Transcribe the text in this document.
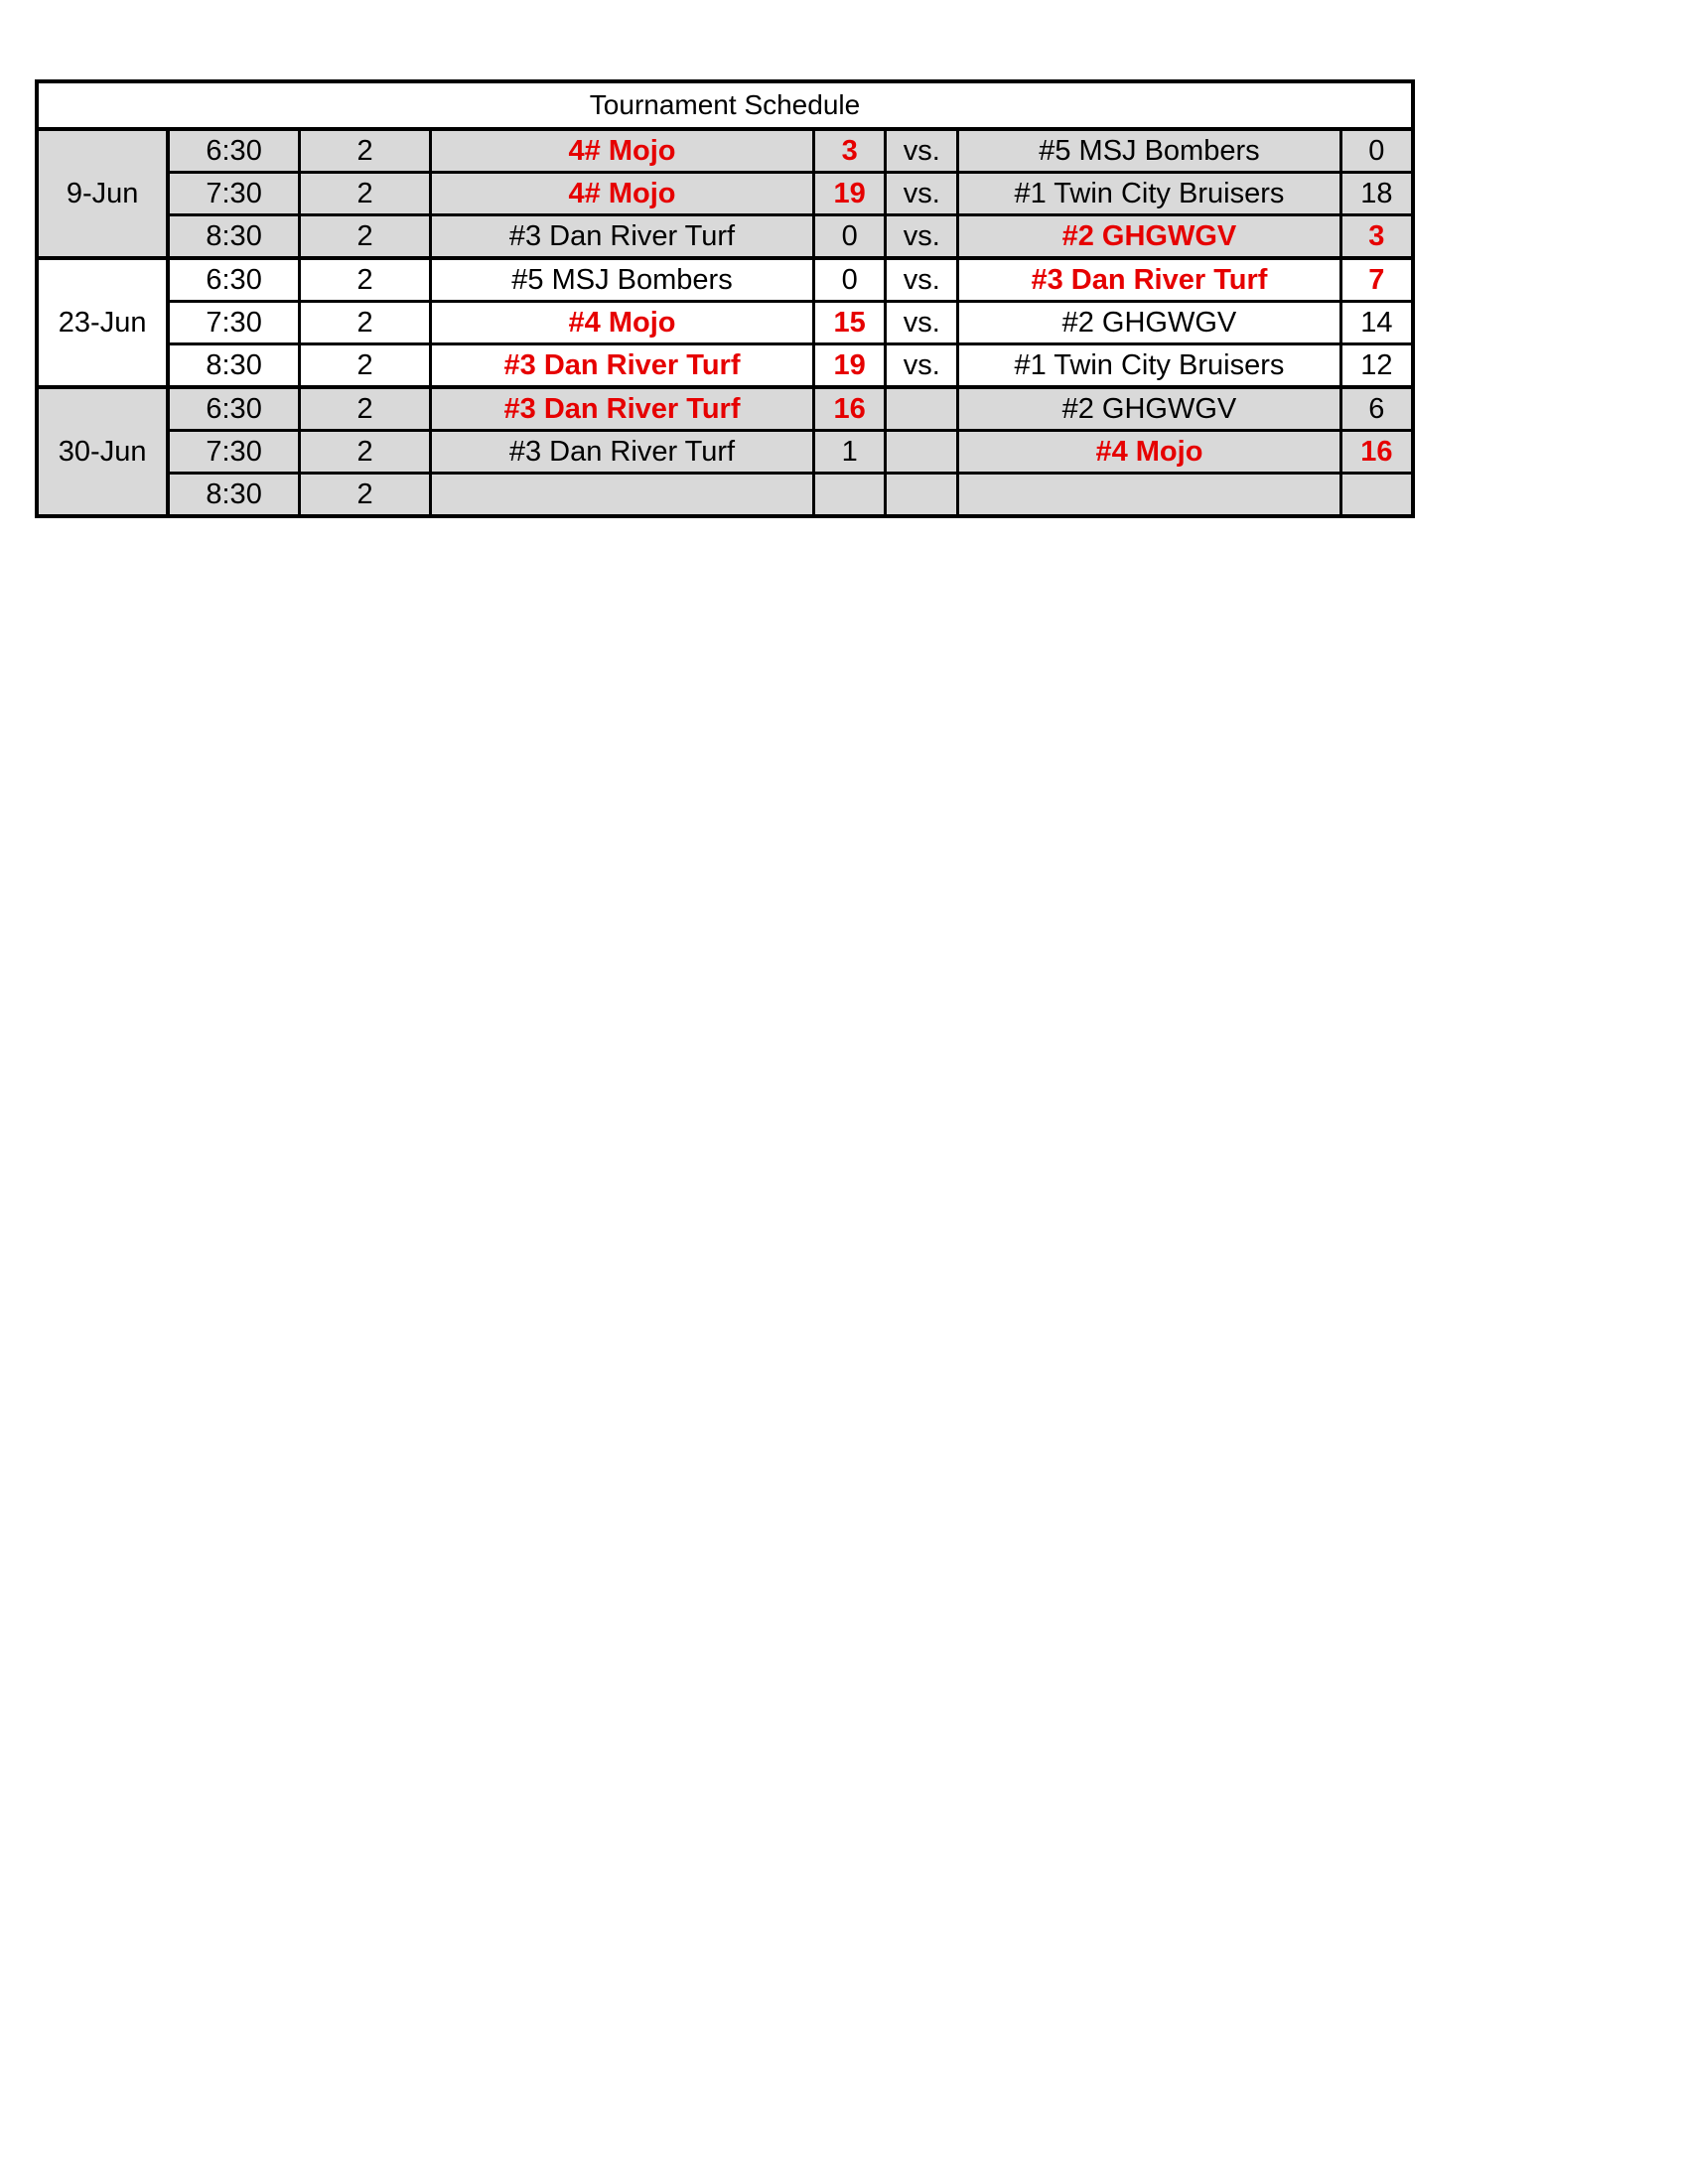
Tournament Schedule							
9-Jun	6:30	2	4# Mojo	3	vs.	#5 MSJ Bombers	0
	7:30	2	4# Mojo	19	vs.	#1 Twin City Bruisers	18
	8:30	2	#3 Dan River Turf	0	vs.	#2 GHGWGV	3
23-Jun	6:30	2	#5 MSJ Bombers	0	vs.	#3 Dan River Turf	7
	7:30	2	#4 Mojo	15	vs.	#2 GHGWGV	14
	8:30	2	#3 Dan River Turf	19	vs.	#1 Twin City Bruisers	12
30-Jun	6:30	2	#3 Dan River Turf	16		#2 GHGWGV	6
	7:30	2	#3 Dan River Turf	1		#4 Mojo	16
	8:30	2					
